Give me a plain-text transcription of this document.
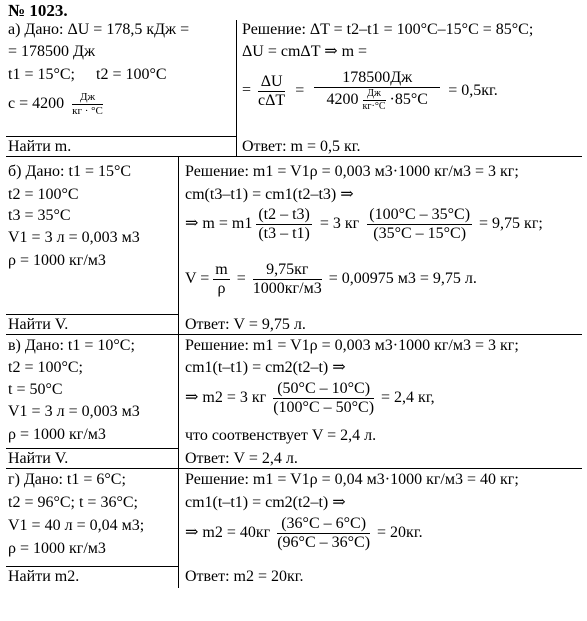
№ 1023.
а) Дано: ΔU = 178,5 кДж =
= 178500 Дж
t1 = 15°C; t2 = 100°C
$c = 4200 \frac{Дж}{кг \cdot ^\circ C}$
Найти m.
Решение: ΔT = t2–t1 = 100°C–15°C = 85°C;
ΔU = cmΔT ⇒ m =
= $\frac{\Delta U}{\text{cΔT}} = \frac{178500Дж}{4200 \frac{Дж}{кг\cdot^\circ C} \cdot 85^\circ C} = 0,5кг$.
Ответ: m = 0,5 кг.
б) Дано: t1 = 15°C
t2 = 100°C
t3 = 35°C
V1 = 3 л = 0,003 м3
ρ = 1000 кг/м3
Найти V.
Решение: m1 = V1ρ = 0,003 м3·1000 кг/м3 = 3 кг;
cm(t3–t1) = cm1(t2–t3) ⇒
⇒ $m = m1 \frac{(t2 - t3)}{(t3 - t1)} = 3$ кг $\frac{(100^\circ C - 35^\circ C)}{(35^\circ C - 15^\circ C)} = 9,75$ кг;
$V = \frac{m}{\rho} = \frac{9,75кг}{1000кг/м3} = 0,00975$ м3 = 9,75 л.
Ответ: V = 9,75 л.
в) Дано: t1 = 10°C;
t2 = 100°C;
t = 50°C
V1 = 3 л = 0,003 м3
ρ = 1000 кг/м3
Найти V.
Решение: m1 = V1ρ = 0,003 м3·1000 кг/м3 = 3 кг;
cm1(t–t1) = cm2(t2–t) ⇒
⇒ m2 = 3 кг $\frac{(50^\circ C - 10^\circ C)}{(100^\circ C - 50^\circ C)} = 2,4$ кг,
что соотвенствует V = 2,4 л.
Ответ: V = 2,4 л.
г) Дано: t1 = 6°C;
t2 = 96°C; t = 36°C;
V1 = 40 л = 0,04 м3;
ρ = 1000 кг/м3
Найти m2.
Решение: m1 = V1ρ = 0,04 м3·1000 кг/м3 = 40 кг;
cm1(t–t1) = cm2(t2–t) ⇒
⇒ $m2 = 40кг \frac{(36^\circ C - 6^\circ C)}{(96^\circ C - 36^\circ C)} = 20кг$.
Ответ: m2 = 20кг.
